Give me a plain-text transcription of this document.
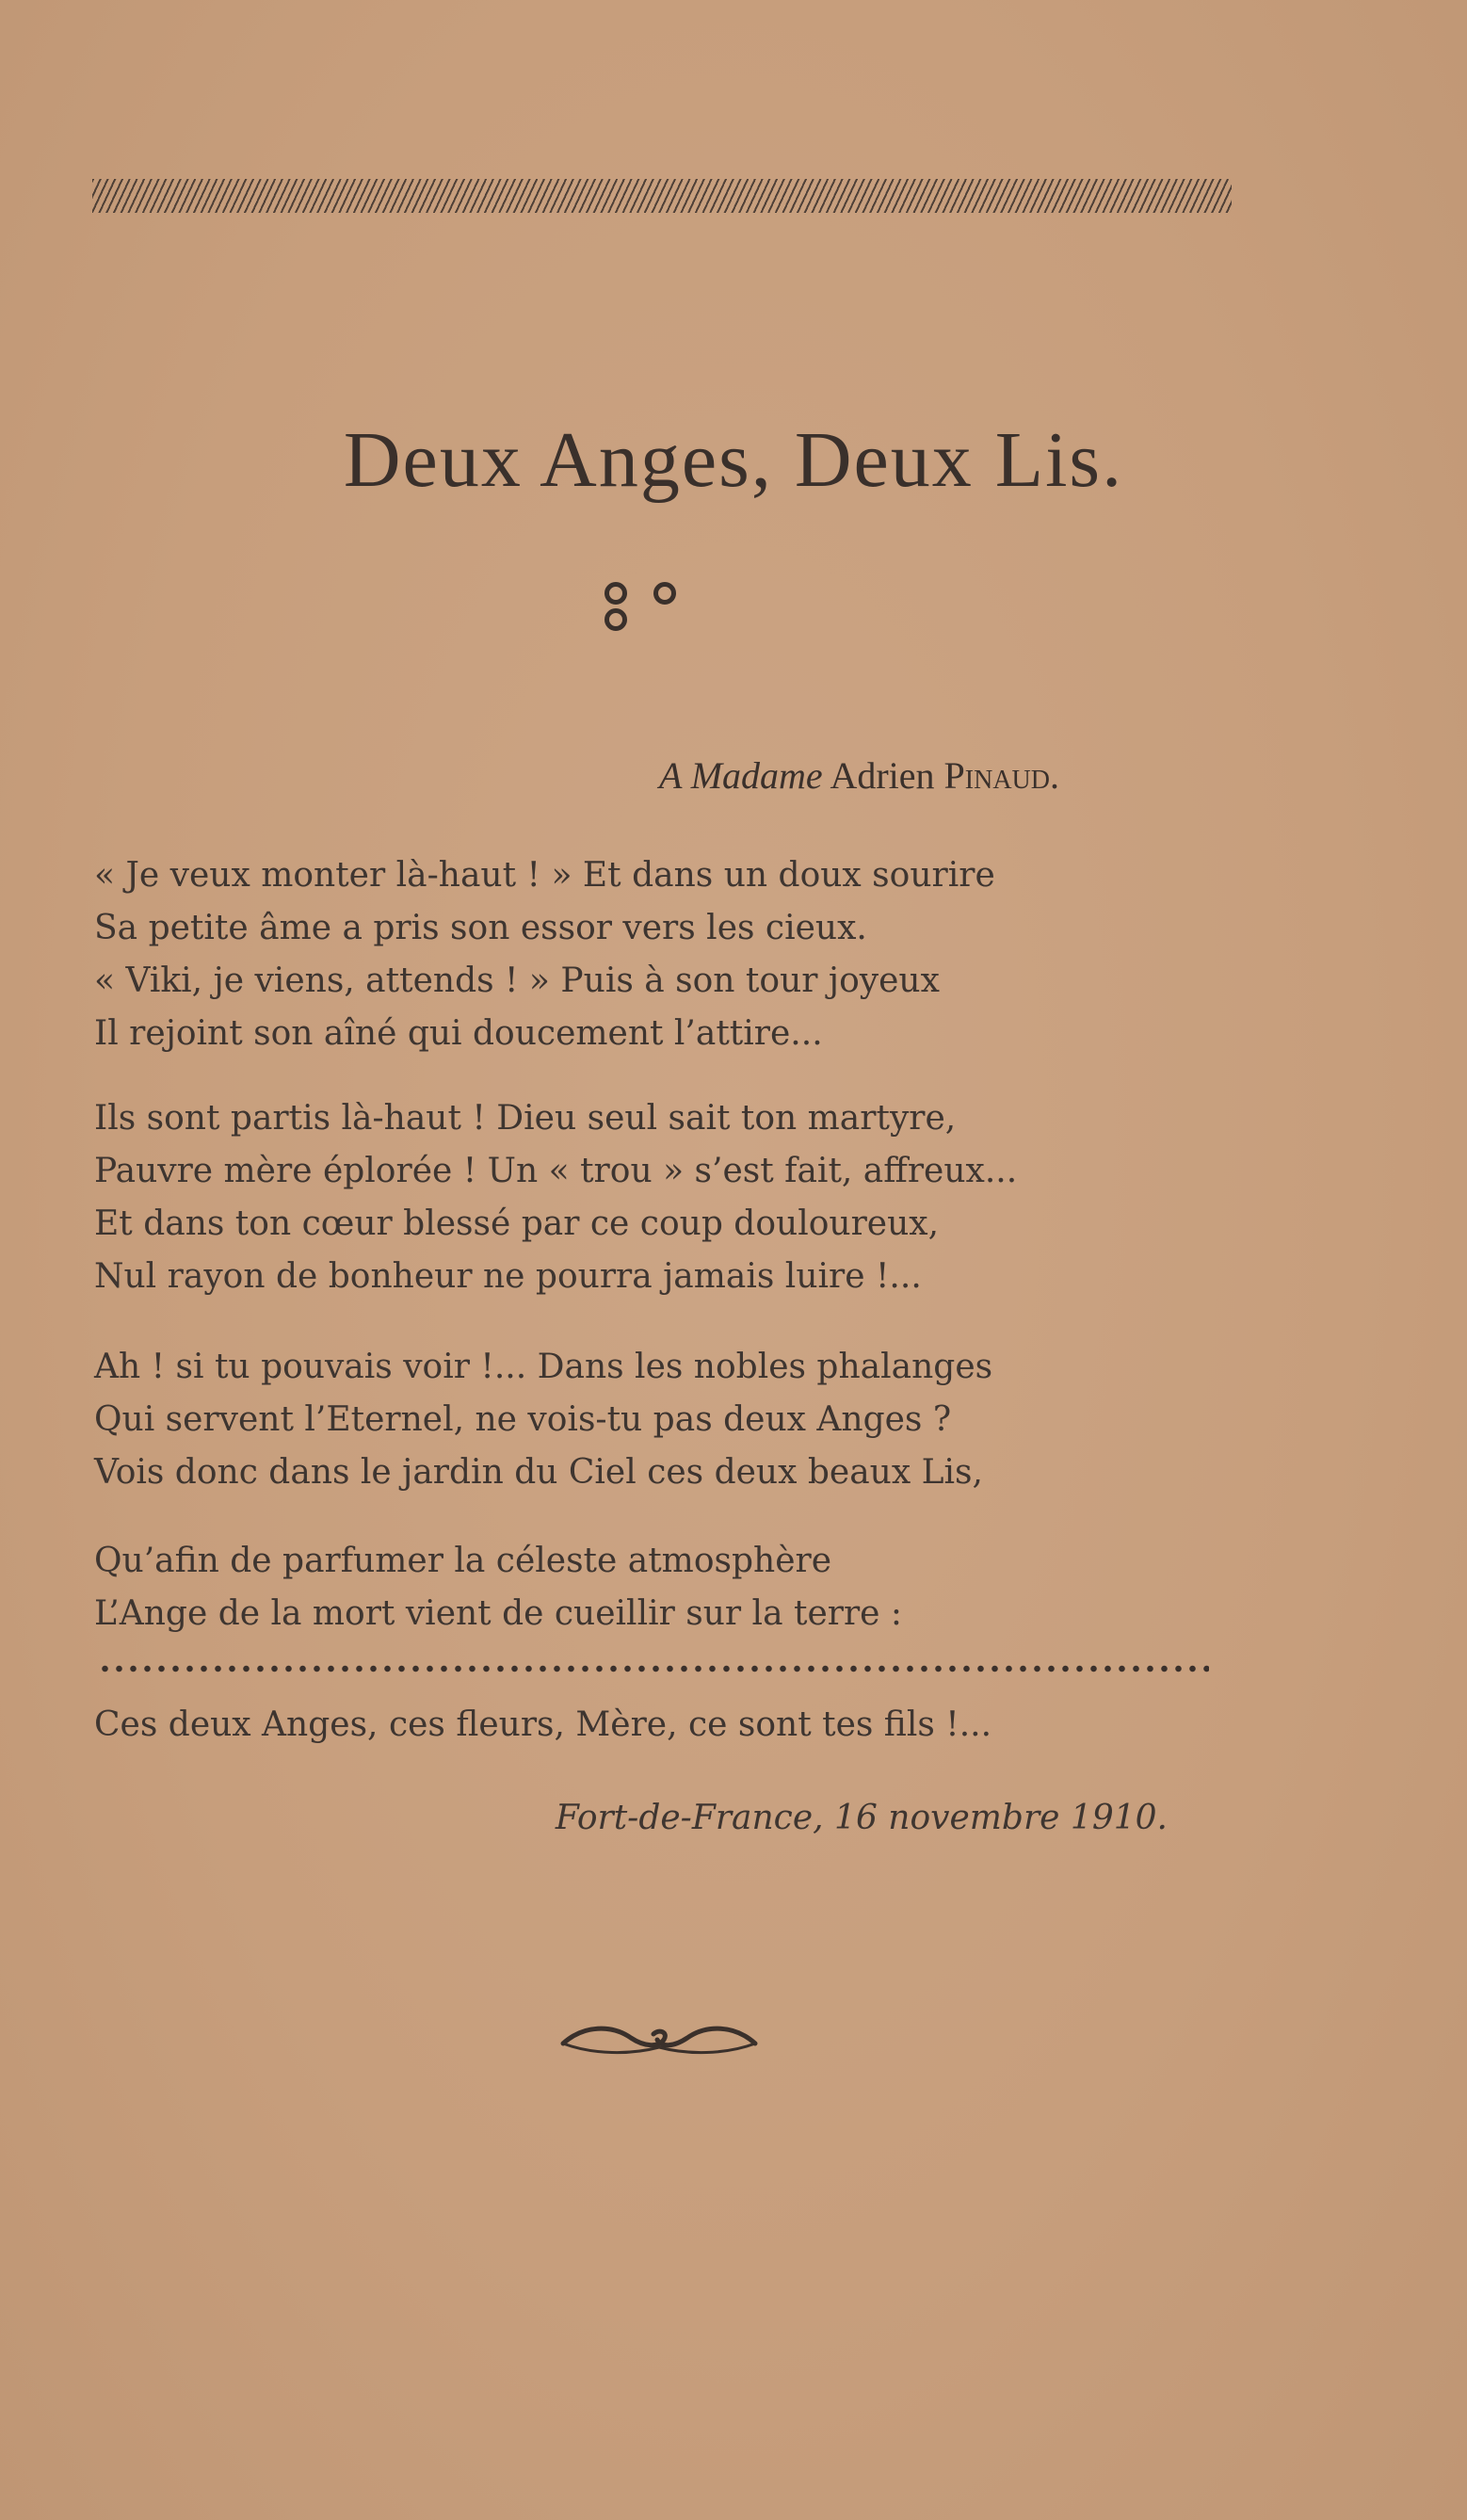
Deux Anges, Deux Lis.
A Madame Adrien Pinaud.
« Je veux monter là-haut ! » Et dans un doux sourire
Sa petite âme a pris son essor vers les cieux.
« Viki, je viens, attends ! » Puis à son tour joyeux
Il rejoint son aîné qui doucement l’attire...
Ils sont partis là-haut ! Dieu seul sait ton martyre,
Pauvre mère éplorée ! Un « trou » s’est fait, affreux...
Et dans ton cœur blessé par ce coup douloureux,
Nul rayon de bonheur ne pourra jamais luire !...
Ah ! si tu pouvais voir !... Dans les nobles phalanges
Qui servent l’Eternel, ne vois-tu pas deux Anges ?
Vois donc dans le jardin du Ciel ces deux beaux Lis,
Qu’afin de parfumer la céleste atmosphère
L’Ange de la mort vient de cueillir sur la terre :
Ces deux Anges, ces fleurs, Mère, ce sont tes fils !...
Fort-de-France, 16 novembre 1910.
